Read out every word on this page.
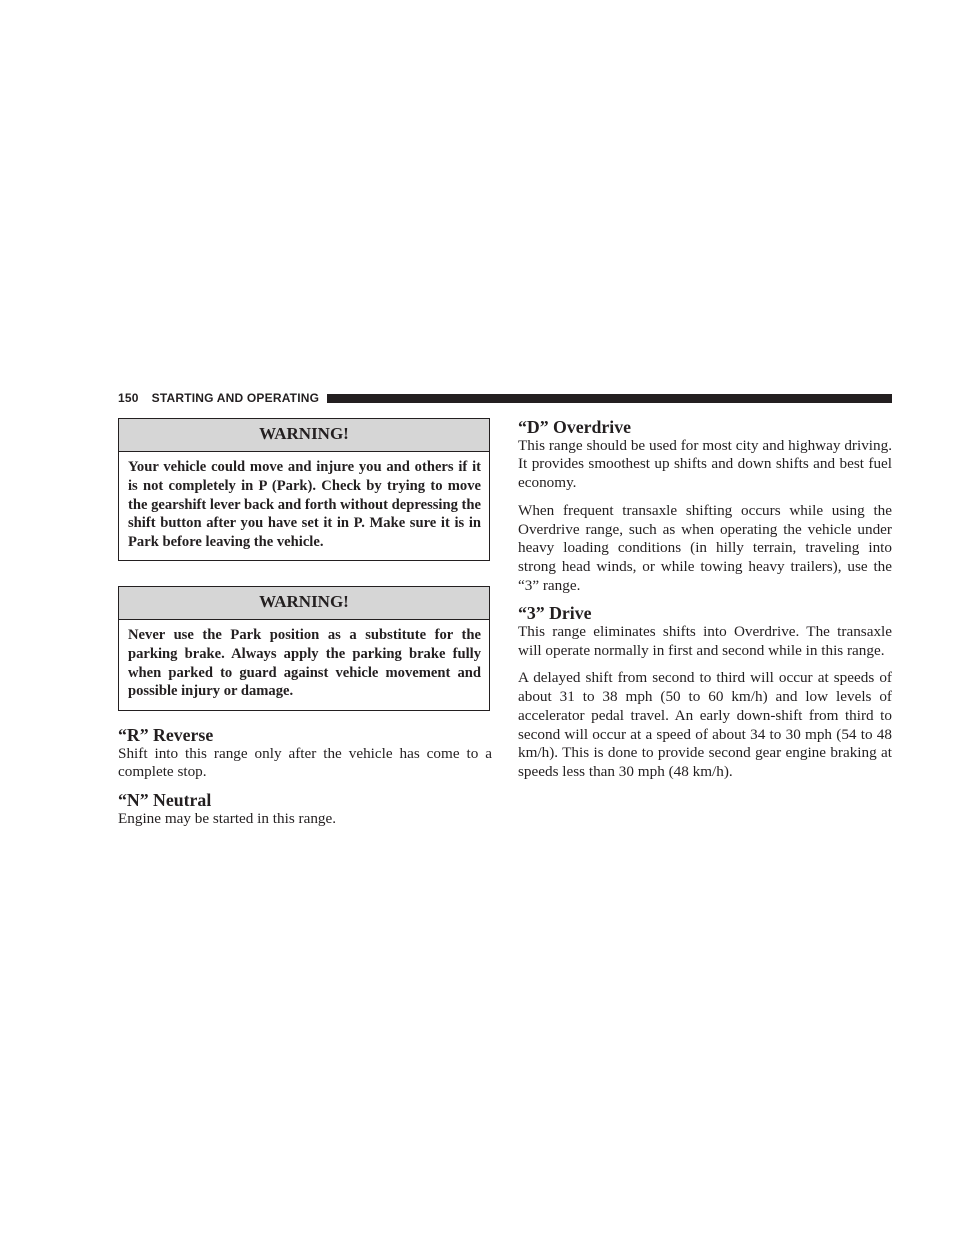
150 STARTING AND OPERATING
WARNING!
Your vehicle could move and injure you and others if it is not completely in P (Park). Check by trying to move the gearshift lever back and forth without depressing the shift button after you have set it in P. Make sure it is in Park before leaving the vehicle.
WARNING!
Never use the Park position as a substitute for the parking brake. Always apply the parking brake fully when parked to guard against vehicle movement and possible injury or damage.
“R” Reverse

Shift into this range only after the vehicle has come to a complete stop.

“N” Neutral

Engine may be started in this range.

“D” Overdrive

This range should be used for most city and highway driving. It provides smoothest up shifts and down shifts and best fuel economy.

When frequent transaxle shifting occurs while using the Overdrive range, such as when operating the vehicle under heavy loading conditions (in hilly terrain, traveling into strong head winds, or while towing heavy trailers), use the “3” range.

“3” Drive

This range eliminates shifts into Overdrive. The transaxle will operate normally in first and second while in this range.

A delayed shift from second to third will occur at speeds of about 31 to 38 mph (50 to 60 km/h) and low levels of accelerator pedal travel. An early down-shift from third to second will occur at a speed of about 34 to 30 mph (54 to 48 km/h). This is done to provide second gear engine braking at speeds less than 30 mph (48 km/h).
